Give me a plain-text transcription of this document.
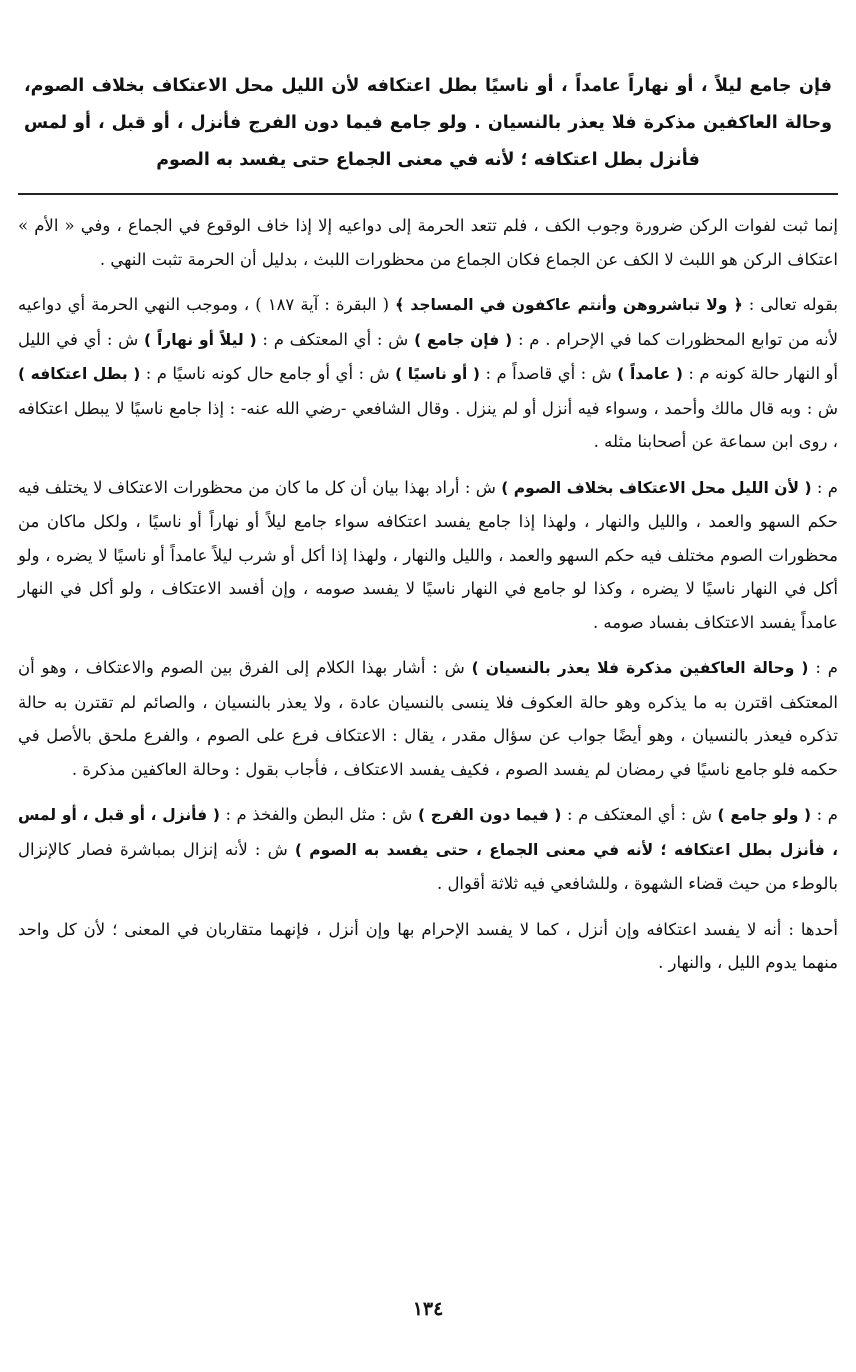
فإن جامع ليلاً ، أو نهاراً عامداً ، أو ناسيًا بطل اعتكافه لأن الليل محل الاعتكاف بخلاف الصوم، وحالة العاكفين مذكرة فلا يعذر بالنسيان . ولو جامع فيما دون الفرج فأنزل ، أو قبل ، أو لمس فأنزل بطل اعتكافه ؛ لأنه في معنى الجماع حتى يفسد به الصوم

إنما ثبت لفوات الركن ضرورة وجوب الكف ، فلم تتعد الحرمة إلى دواعيه إلا إذا خاف الوقوع في الجماع ، وفي « الأم » اعتكاف الركن هو اللبث لا الكف عن الجماع فكان الجماع من محظورات اللبث ، بدليل أن الحرمة تثبت النهي .

بقوله تعالى : ﴿ ولا تباشروهن وأنتم عاكفون في المساجد ﴾ ( البقرة : آية ١٨٧ ) ، وموجب النهي الحرمة أي دواعيه لأنه من توابع المحظورات كما في الإحرام . م : ( فإن جامع ) ش : أي المعتكف م : ( ليلاً أو نهاراً ) ش : أي في الليل أو النهار حالة كونه م : ( عامداً ) ش : أي قاصداً م : ( أو ناسيًا ) ش : أي أو جامع حال كونه ناسيًا م : ( بطل اعتكافه ) ش : وبه قال مالك وأحمد ، وسواء فيه أنزل أو لم ينزل . وقال الشافعي -رضي الله عنه- : إذا جامع ناسيًا لا يبطل اعتكافه ، روى ابن سماعة عن أصحابنا مثله .

م : ( لأن الليل محل الاعتكاف بخلاف الصوم ) ش : أراد بهذا بيان أن كل ما كان من محظورات الاعتكاف لا يختلف فيه حكم السهو والعمد ، والليل والنهار ، ولهذا إذا جامع يفسد اعتكافه سواء جامع ليلاً أو نهاراً أو ناسيًا ، ولكل ماكان من محظورات الصوم مختلف فيه حكم السهو والعمد ، والليل والنهار ، ولهذا إذا أكل أو شرب ليلاً عامداً أو ناسيًا لا يضره ، ولو أكل في النهار ناسيًا لا يضره ، وكذا لو جامع في النهار ناسيًا لا يفسد صومه ، وإن أفسد الاعتكاف ، ولو أكل في النهار عامداً يفسد الاعتكاف بفساد صومه .

م : ( وحالة العاكفين مذكرة فلا يعذر بالنسيان ) ش : أشار بهذا الكلام إلى الفرق بين الصوم والاعتكاف ، وهو أن المعتكف اقترن به ما يذكره وهو حالة العكوف فلا ينسى بالنسيان عادة ، ولا يعذر بالنسيان ، والصائم لم تقترن به حالة تذكره فيعذر بالنسيان ، وهو أيضًا جواب عن سؤال مقدر ، يقال : الاعتكاف فرع على الصوم ، والفرع ملحق بالأصل في حكمه فلو جامع ناسيًا في رمضان لم يفسد الصوم ، فكيف يفسد الاعتكاف ، فأجاب بقول : وحالة العاكفين مذكرة .

م : ( ولو جامع ) ش : أي المعتكف م : ( فيما دون الفرج ) ش : مثل البطن والفخذ م : ( فأنزل ، أو قبل ، أو لمس ، فأنزل بطل اعتكافه ؛ لأنه في معنى الجماع ، حتى يفسد به الصوم ) ش : لأنه إنزال بمباشرة فصار كالإنزال بالوطء من حيث قضاء الشهوة ، وللشافعي فيه ثلاثة أقوال .

أحدها : أنه لا يفسد اعتكافه وإن أنزل ، كما لا يفسد الإحرام بها وإن أنزل ، فإنهما متقاربان في المعنى ؛ لأن كل واحد منهما يدوم الليل ، والنهار .

١٣٤
